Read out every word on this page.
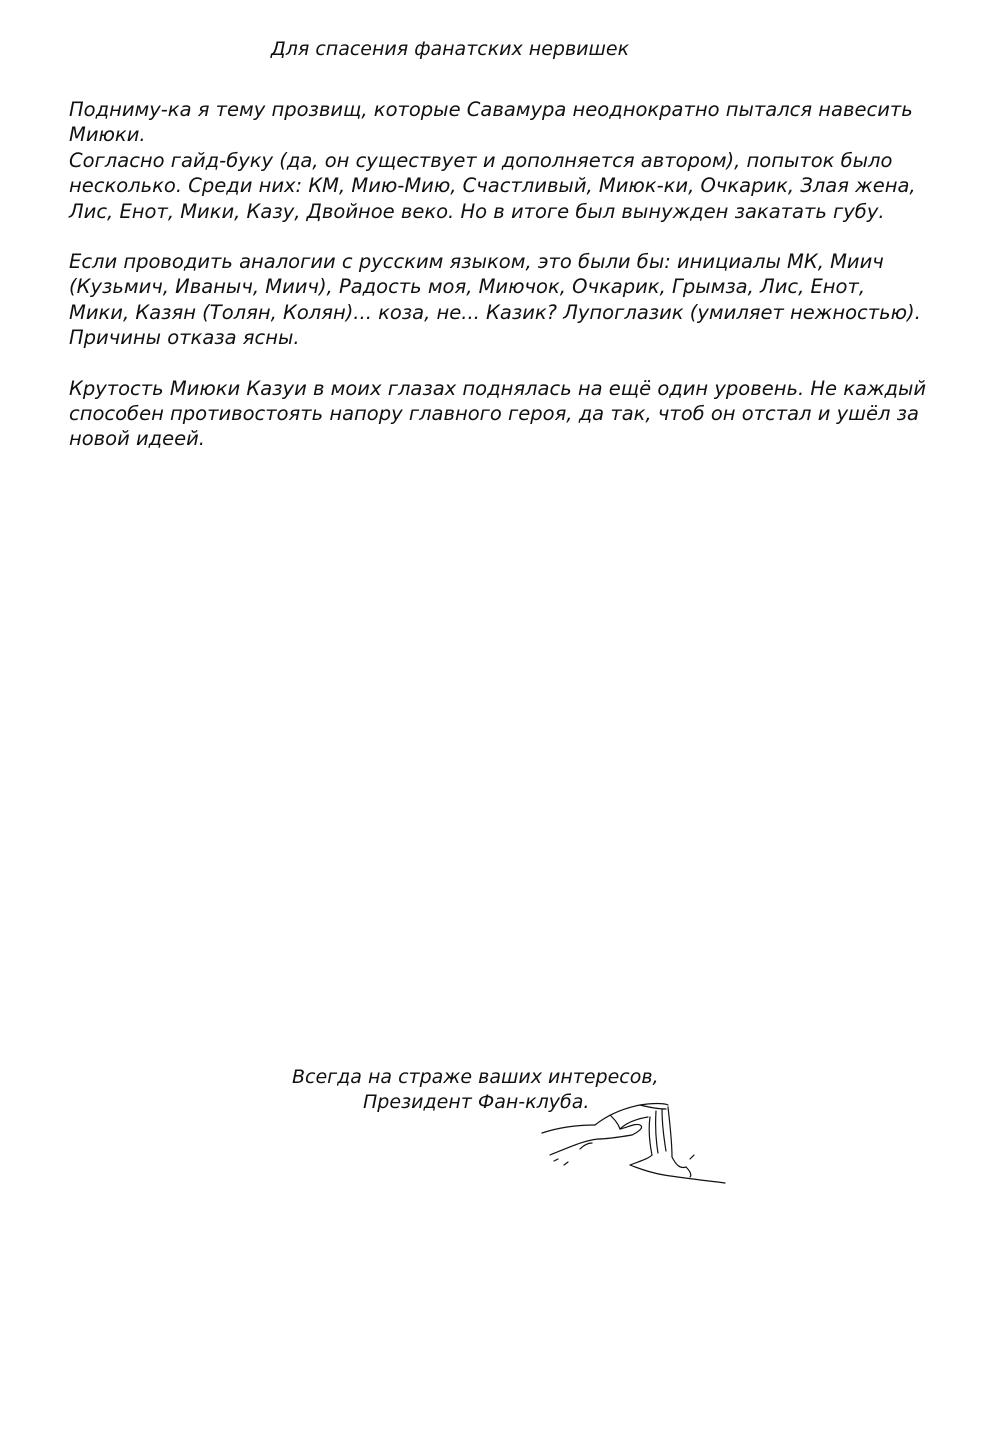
Для спасения фанатских нервишек

Подниму-ка я тему прозвищ, которые Савамура неоднократно пытался навесить
Миюки.
Согласно гайд-буку (да, он существует и дополняется автором), попыток было
несколько. Среди них: КМ, Мию-Мию, Счастливый, Миюк-ки, Очкарик, Злая жена,
Лис, Енот, Мики, Казу, Двойное веко. Но в итоге был вынужден закатать губу.

Если проводить аналогии с русским языком, это были бы: инициалы МК, Миич
(Кузьмич, Иваныч, Миич), Радость моя, Миючок, Очкарик, Грымза, Лис, Енот,
Мики, Казян (Толян, Колян)... коза, не... Казик? Лупоглазик (умиляет нежностью).
Причины отказа ясны.

Крутость Миюки Казуи в моих глазах поднялась на ещё один уровень. Не каждый
способен противостоять напору главного героя, да так, чтоб он отстал и ушёл за
новой идеей.

Всегда на страже ваших интересов,
Президент Фан-клуба.
